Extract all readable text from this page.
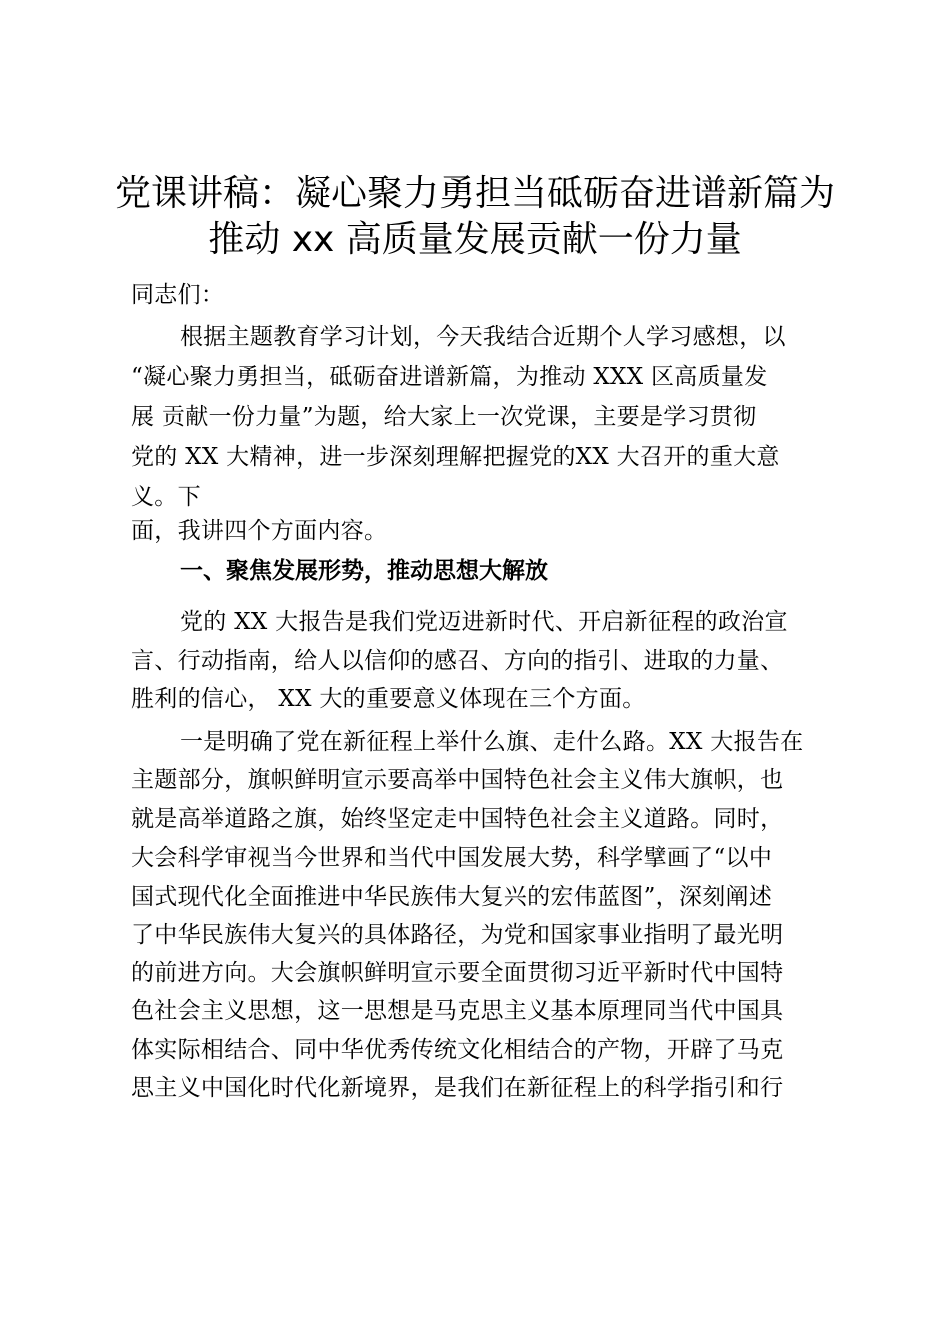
党课讲稿：凝心聚力勇担当砥砺奋进谱新篇为
推动 xx 高质量发展贡献一份力量
同志们：
根据主题教育学习计划，今天我结合近期个人学习感想，以
“凝心聚力勇担当，砥砺奋进谱新篇，为推动 XXX 区高质量发
展 贡献一份力量”为题，给大家上一次党课，主要是学习贯彻
党的 XX 大精神，进一步深刻理解把握党的XX 大召开的重大意
义。下
面，我讲四个方面内容。
一、聚焦发展形势，推动思想大解放
党的 XX 大报告是我们党迈进新时代、开启新征程的政治宣
言、行动指南，给人以信仰的感召、方向的指引、进取的力量、
胜利的信心， XX 大的重要意义体现在三个方面。
一是明确了党在新征程上举什么旗、走什么路。XX 大报告在
主题部分，旗帜鲜明宣示要高举中国特色社会主义伟大旗帜，也
就是高举道路之旗，始终坚定走中国特色社会主义道路。同时，
大会科学审视当今世界和当代中国发展大势，科学擘画了“以中
国式现代化全面推进中华民族伟大复兴的宏伟蓝图”，深刻阐述
了中华民族伟大复兴的具体路径，为党和国家事业指明了最光明
的前进方向。大会旗帜鲜明宣示要全面贯彻习近平新时代中国特
色社会主义思想，这一思想是马克思主义基本原理同当代中国具
体实际相结合、同中华优秀传统文化相结合的产物，开辟了马克
思主义中国化时代化新境界，是我们在新征程上的科学指引和行
